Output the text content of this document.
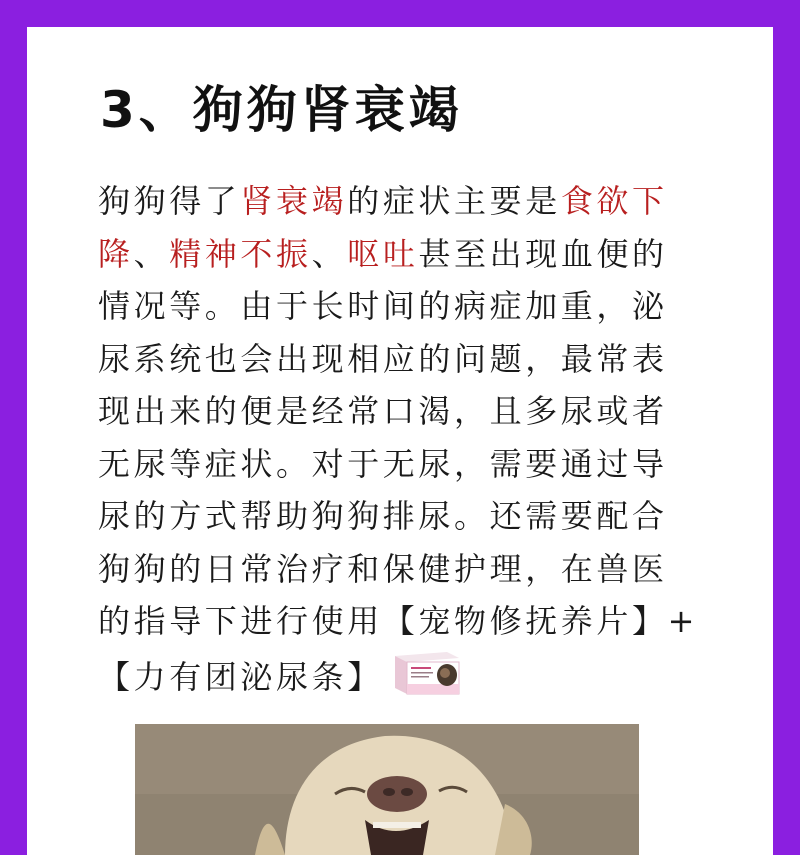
3、狗狗肾衰竭

狗狗得了肾衰竭的症状主要是食欲下降、精神不振、呕吐甚至出现血便的情况等。由于长时间的病症加重，泌尿系统也会出现相应的问题，最常表现出来的便是经常口渴，且多尿或者无尿等症状。对于无尿，需要通过导尿的方式帮助狗狗排尿。还需要配合狗狗的日常治疗和保健护理，在兽医的指导下进行使用【宠物修抚养片】+【力有团泌尿条】
